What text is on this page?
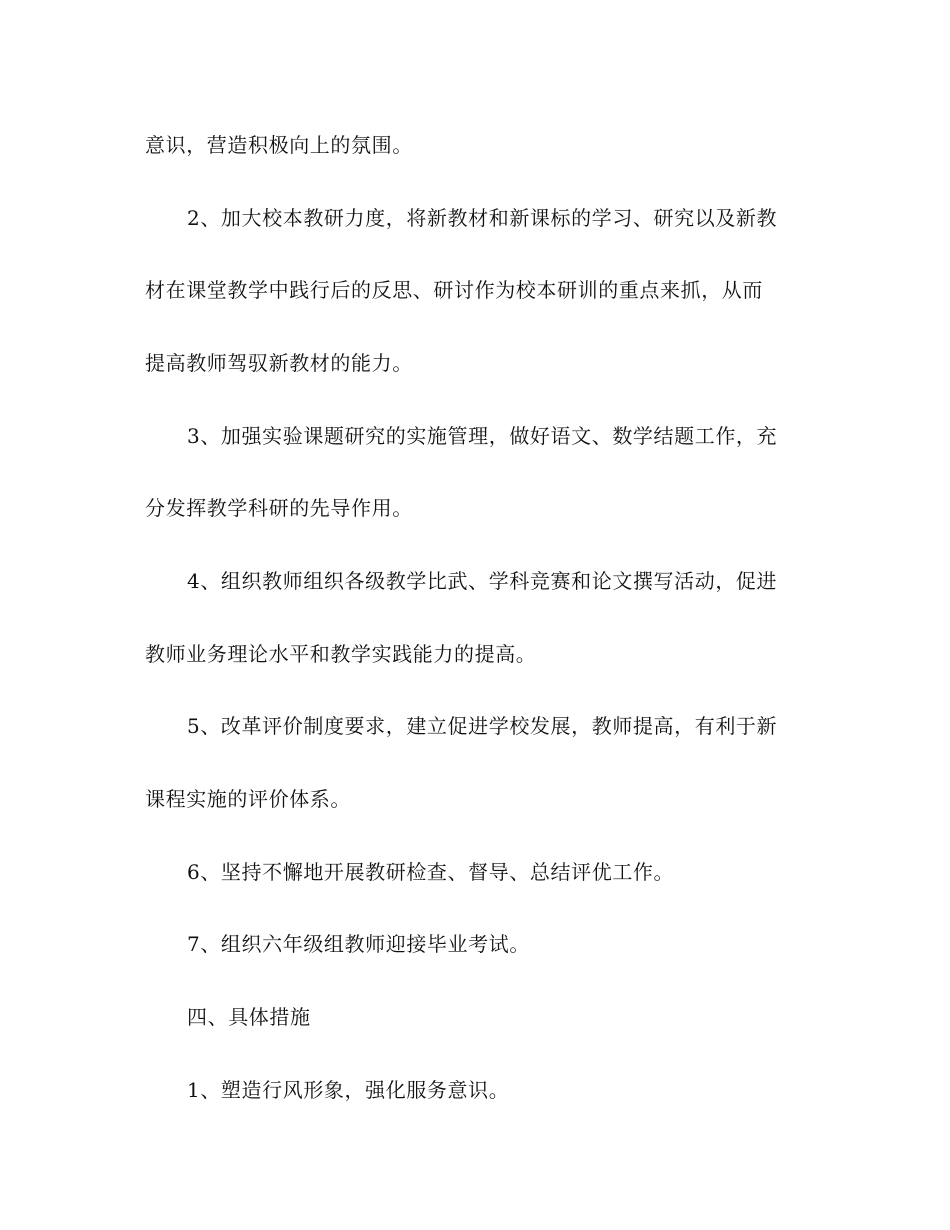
意识，营造积极向上的氛围。
2、加大校本教研力度，将新教材和新课标的学习、研究以及新教
材在课堂教学中践行后的反思、研讨作为校本研训的重点来抓，从而
提高教师驾驭新教材的能力。
3、加强实验课题研究的实施管理，做好语文、数学结题工作，充
分发挥教学科研的先导作用。
4、组织教师组织各级教学比武、学科竞赛和论文撰写活动，促进
教师业务理论水平和教学实践能力的提高。
5、改革评价制度要求，建立促进学校发展，教师提高，有利于新
课程实施的评价体系。
6、坚持不懈地开展教研检查、督导、总结评优工作。
7、组织六年级组教师迎接毕业考试。
四、具体措施
1、塑造行风形象，强化服务意识。
